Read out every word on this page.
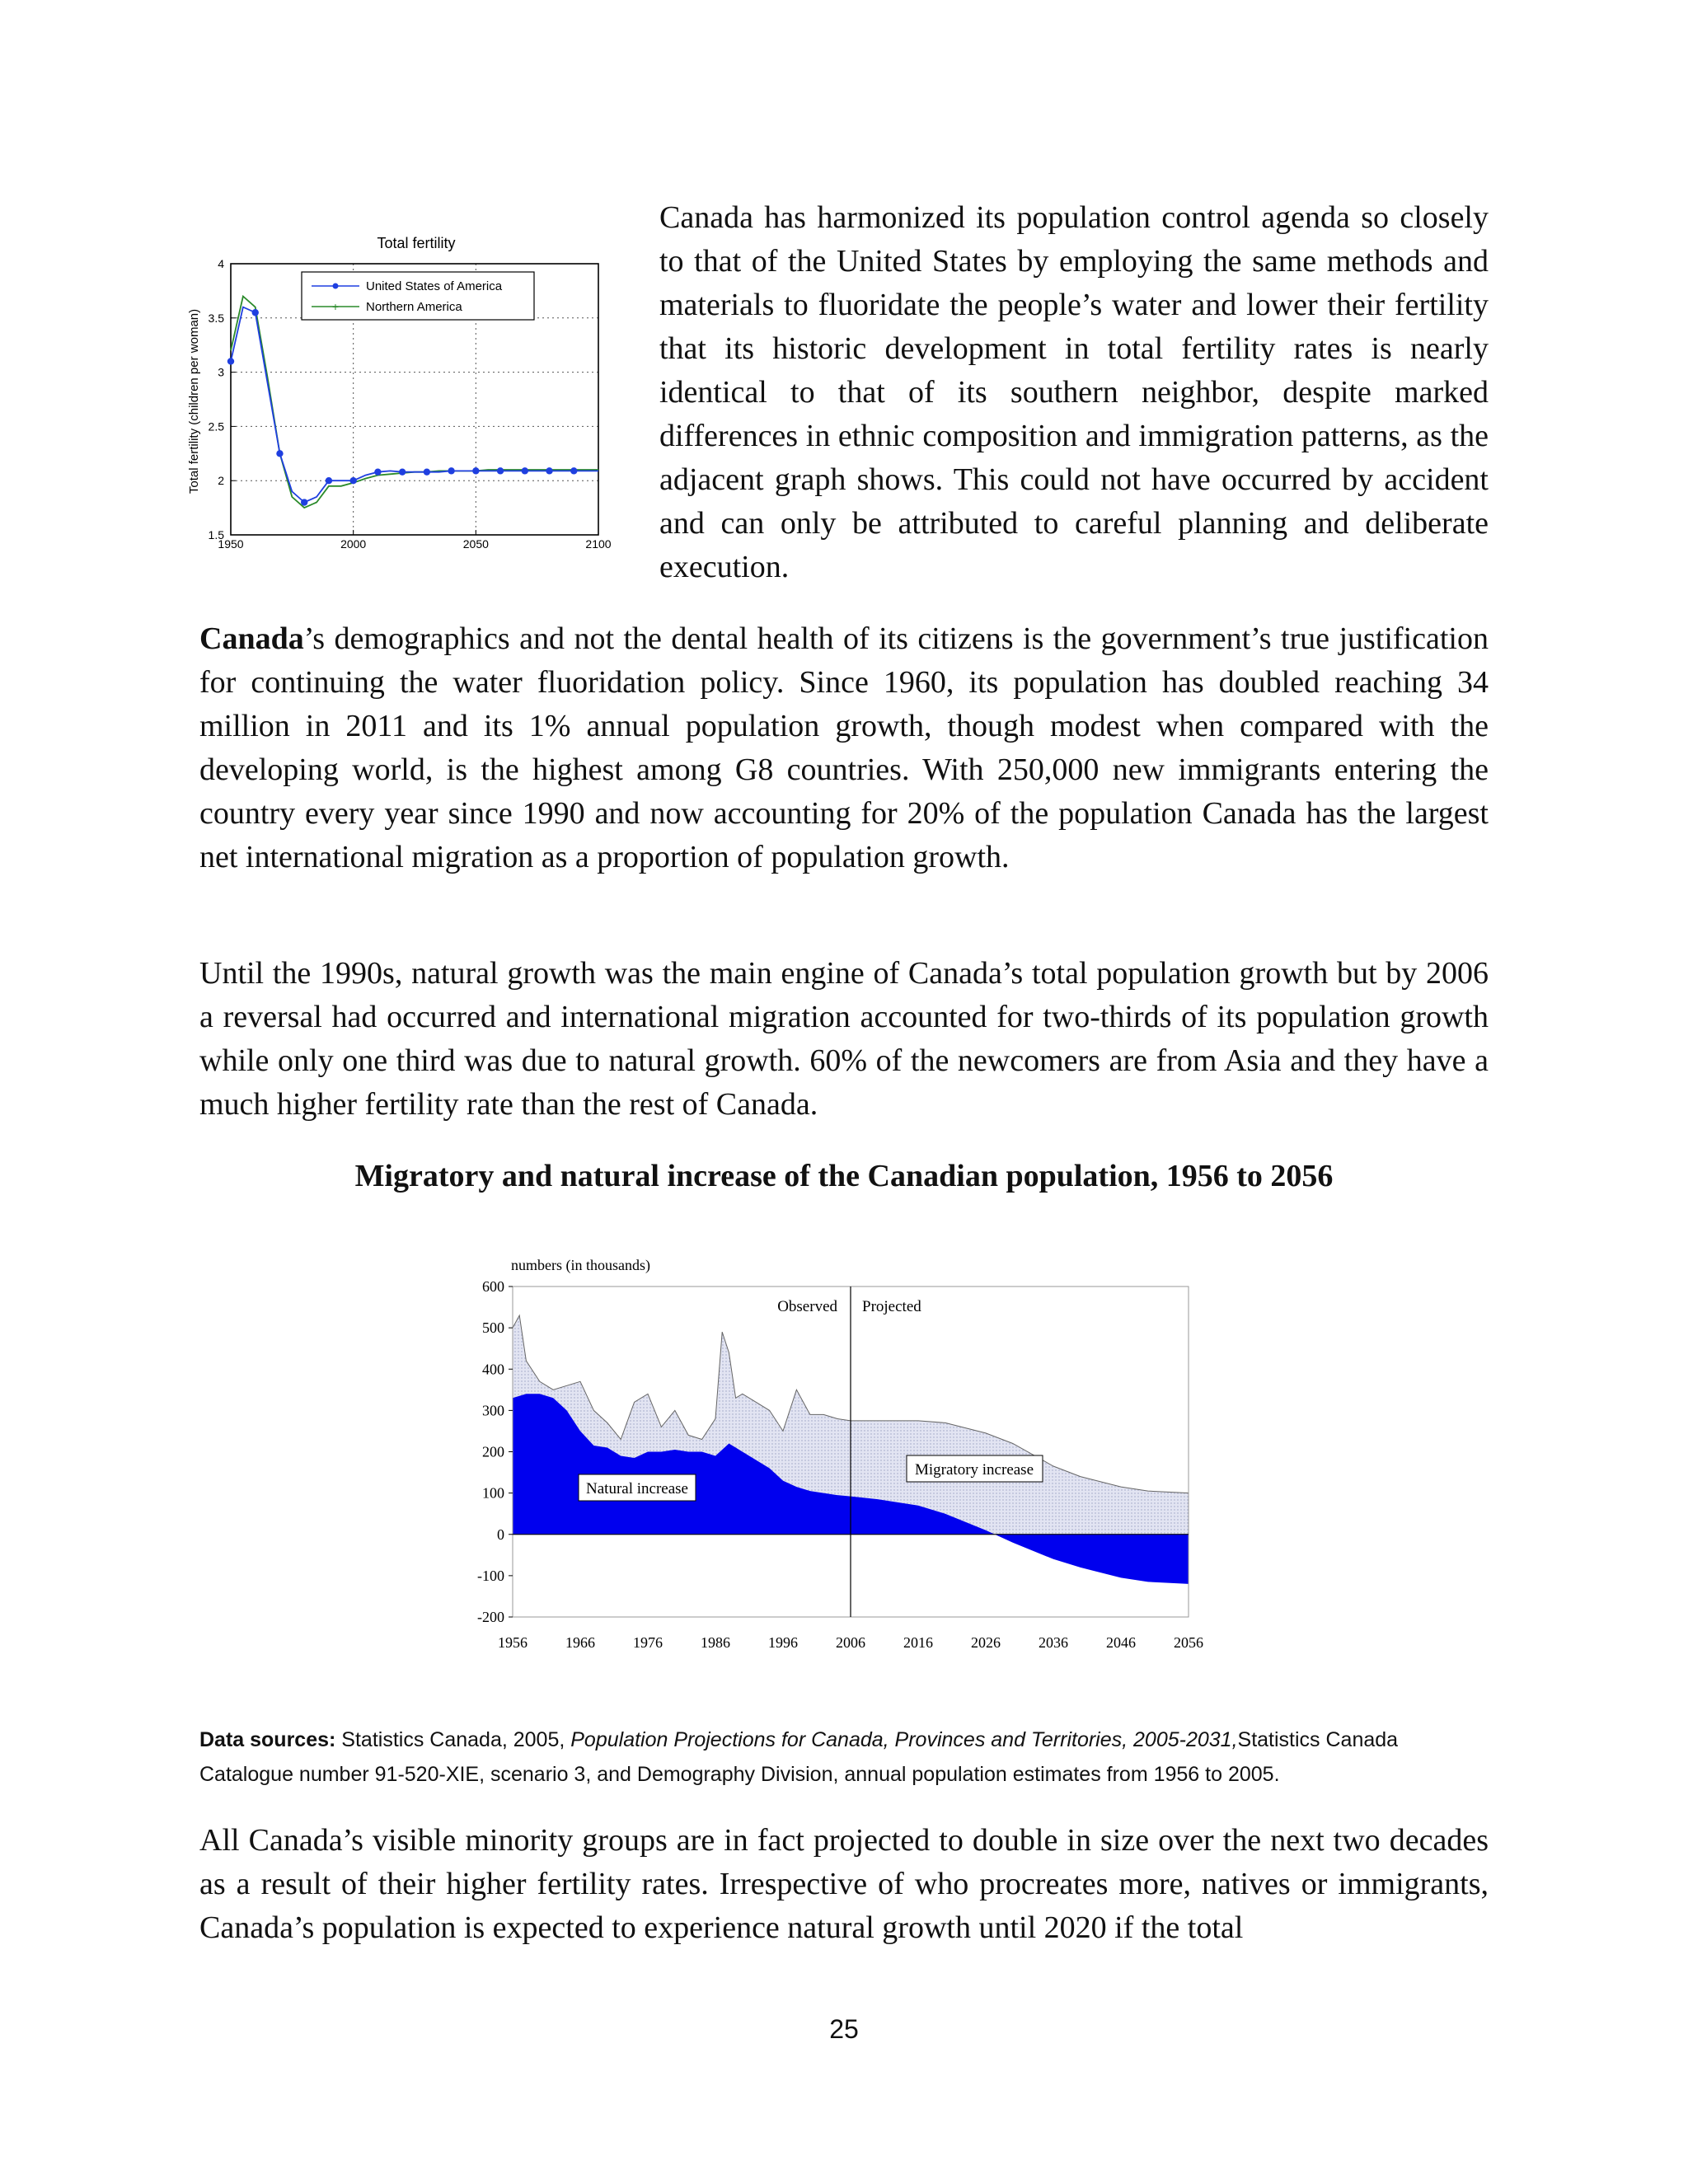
Total fertility
Total fertility (children per woman)
1.5
2
2.5
3
3.5
4
1950	2000	2050	2100
United States of America
+ Northern America

Canada has harmonized its population control agenda so closely to that of the United States by employing the same methods and materials to fluoridate the people’s water and lower their fertility that its historic development in total fertility rates is nearly identical to that of its southern neighbor, despite marked differences in ethnic composition and immigration patterns, as the adjacent graph shows. This could not have occurred by accident and can only be attributed to careful planning and deliberate execution.

Canada’s demographics and not the dental health of its citizens is the government’s true justification for continuing the water fluoridation policy. Since 1960, its population has doubled reaching 34 million in 2011 and its 1% annual population growth, though modest when compared with the developing world, is the highest among G8 countries. With 250,000 new immigrants entering the country every year since 1990 and now accounting for 20% of the population Canada has the largest net international migration as a proportion of population growth.

Until the 1990s, natural growth was the main engine of Canada’s total population growth but by 2006 a reversal had occurred and international migration accounted for two-thirds of its population growth while only one third was due to natural growth. 60% of the newcomers are from Asia and they have a much higher fertility rate than the rest of Canada.

Migratory and natural increase of the Canadian population, 1956 to 2056
numbers (in thousands)
600
500
400
300
200
100
0
-100
-200
1956	1966	1976	1986	1996	2006	2016	2026	2036	2046	2056
Observed Projected
Natural increase
Migratory increase

Data sources: Statistics Canada, 2005, Population Projections for Canada, Provinces and Territories, 2005-2031,Statistics Canada Catalogue number 91-520-XIE, scenario 3, and Demography Division, annual population estimates from 1956 to 2005.

All Canada’s visible minority groups are in fact projected to double in size over the next two decades as a result of their higher fertility rates. Irrespective of who procreates more, natives or immigrants, Canada’s population is expected to experience natural growth until 2020 if the total

25
